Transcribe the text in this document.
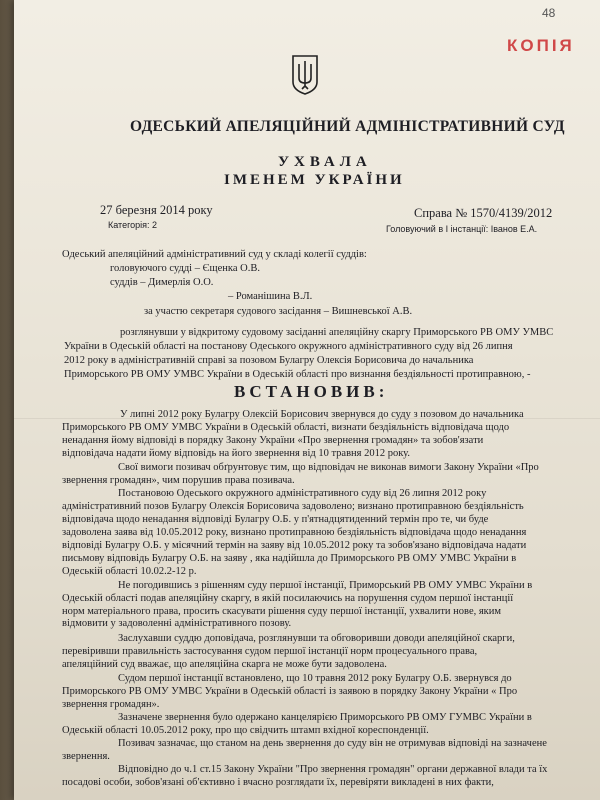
48
КОПІЯ
ОДЕСЬКИЙ АПЕЛЯЦІЙНИЙ АДМІНІСТРАТИВНИЙ СУД
УХВАЛА
ІМЕНЕМ УКРАЇНИ
27 березня 2014 року	Справа № 1570/4139/2012
Категорія: 2	Головуючий в І інстанції: Іванов Е.А.
Одеський апеляційний адміністративний суд у складі колегії суддів:
головуючого судді – Єщенка О.В.
суддів – Димерлія О.О.
– Романішина В.Л.
за участю секретаря судового засідання – Вишневської А.В.
розглянувши у відкритому судовому засіданні апеляційну скаргу Приморського РВ ОМУ УМВС
України в Одеській області на постанову Одеського окружного адміністративного суду від 26 липня
2012 року в адміністративній справі за позовом Булагру Олексія Борисовича до начальника
Приморського РВ ОМУ УМВС України в Одеській області про визнання бездіяльності протиправною, -
ВСТАНОВИВ:
У липні 2012 року Булагру Олексій Борисович звернувся до суду з позовом до начальника
Приморського РВ ОМУ УМВС України в Одеській області, визнати бездіяльність відповідача щодо
ненадання йому відповіді в порядку Закону України «Про звернення громадян» та зобов'язати
відповідача надати йому відповідь на його звернення від 10 травня 2012 року.
Свої вимоги позивач обґрунтовує тим, що відповідач не виконав вимоги Закону України «Про
звернення громадян», чим порушив права позивача.
Постановою Одеського окружного адміністративного суду від 26 липня 2012 року
адміністративний позов Булагру Олексія Борисовича задоволено; визнано протиправною бездіяльність
відповідача щодо ненадання відповіді Булагру О.Б. у п'ятнадцятиденний термін про те, чи буде
задоволена заява від 10.05.2012 року, визнано протиправною бездіяльність відповідача щодо ненадання
відповіді Булагру О.Б. у місячний термін на заяву від 10.05.2012 року та зобов'язано відповідача надати
письмову відповідь Булагру О.Б. на заяву , яка надійшла до Приморського РВ ОМУ УМВС України в
Одеській області 10.02.2-12 р.
Не погодившись з рішенням суду першої інстанції, Приморський РВ ОМУ УМВС України в
Одеській області подав апеляційну скаргу, в якій посилаючись на порушення судом першої інстанції
норм матеріального права, просить скасувати рішення суду першої інстанції, ухвалити нове, яким
відмовити у задоволенні адміністративного позову.
Заслухавши суддю доповідача, розглянувши та обговоривши доводи апеляційної скарги,
перевіривши правильність застосування судом першої інстанції норм процесуального права,
апеляційний суд вважає, що апеляційна скарга не може бути задоволена.
Судом першої інстанції встановлено, що 10 травня 2012 року Булагру О.Б. звернувся до
Приморського РВ ОМУ УМВС України в Одеській області із заявою в порядку Закону України « Про
звернення громадян».
Зазначене звернення було одержано канцелярією Приморського РВ ОМУ ГУМВС України в
Одеській області 10.05.2012 року, про що свідчить штамп вхідної кореспонденції.
Позивач зазначає, що станом на день звернення до суду він не отримував відповіді на зазначене
звернення.
Відповідно до ч.1 ст.15 Закону України "Про звернення громадян" органи державної влади та їх
посадові особи, зобов'язані об'єктивно і вчасно розглядати їх, перевіряти викладені в них факти,
